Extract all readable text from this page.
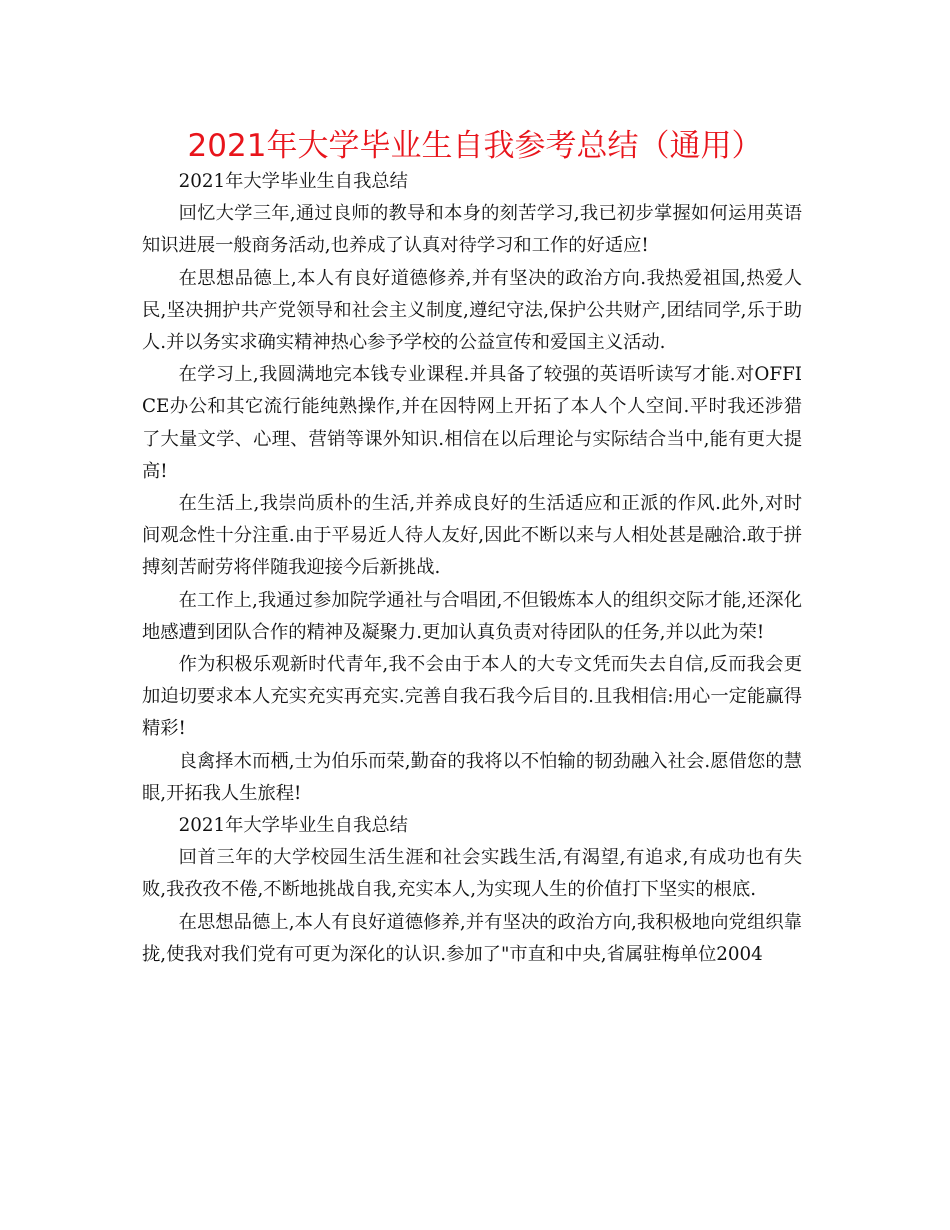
2021年大学毕业生自我参考总结（通用）

2021年大学毕业生自我总结

回忆大学三年,通过良师的教导和本身的刻苦学习,我已初步掌握如何运用英语知识进展一般商务活动,也养成了认真对待学习和工作的好适应!

在思想品德上,本人有良好道德修养,并有坚决的政治方向.我热爱祖国,热爱人民,坚决拥护共产党领导和社会主义制度,遵纪守法,保护公共财产,团结同学,乐于助人.并以务实求确实精神热心参予学校的公益宣传和爱国主义活动.

在学习上,我圆满地完本钱专业课程.并具备了较强的英语听读写才能.对OFFICE办公和其它流行能纯熟操作,并在因特网上开拓了本人个人空间.平时我还涉猎了大量文学、心理、营销等课外知识.相信在以后理论与实际结合当中,能有更大提高!

在生活上,我崇尚质朴的生活,并养成良好的生活适应和正派的作风.此外,对时间观念性十分注重.由于平易近人待人友好,因此不断以来与人相处甚是融洽.敢于拼搏刻苦耐劳将伴随我迎接今后新挑战.

在工作上,我通过参加院学通社与合唱团,不但锻炼本人的组织交际才能,还深化地感遭到团队合作的精神及凝聚力.更加认真负责对待团队的任务,并以此为荣!

作为积极乐观新时代青年,我不会由于本人的大专文凭而失去自信,反而我会更加迫切要求本人充实充实再充实.完善自我石我今后目的.且我相信:用心一定能赢得精彩!

良禽择木而栖,士为伯乐而荣,勤奋的我将以不怕输的韧劲融入社会.愿借您的慧眼,开拓我人生旅程!

2021年大学毕业生自我总结

回首三年的大学校园生活生涯和社会实践生活,有渴望,有追求,有成功也有失败,我孜孜不倦,不断地挑战自我,充实本人,为实现人生的价值打下坚实的根底.

在思想品德上,本人有良好道德修养,并有坚决的政治方向,我积极地向党组织靠拢,使我对我们党有可更为深化的认识.参加了"市直和中央,省属驻梅单位2004
